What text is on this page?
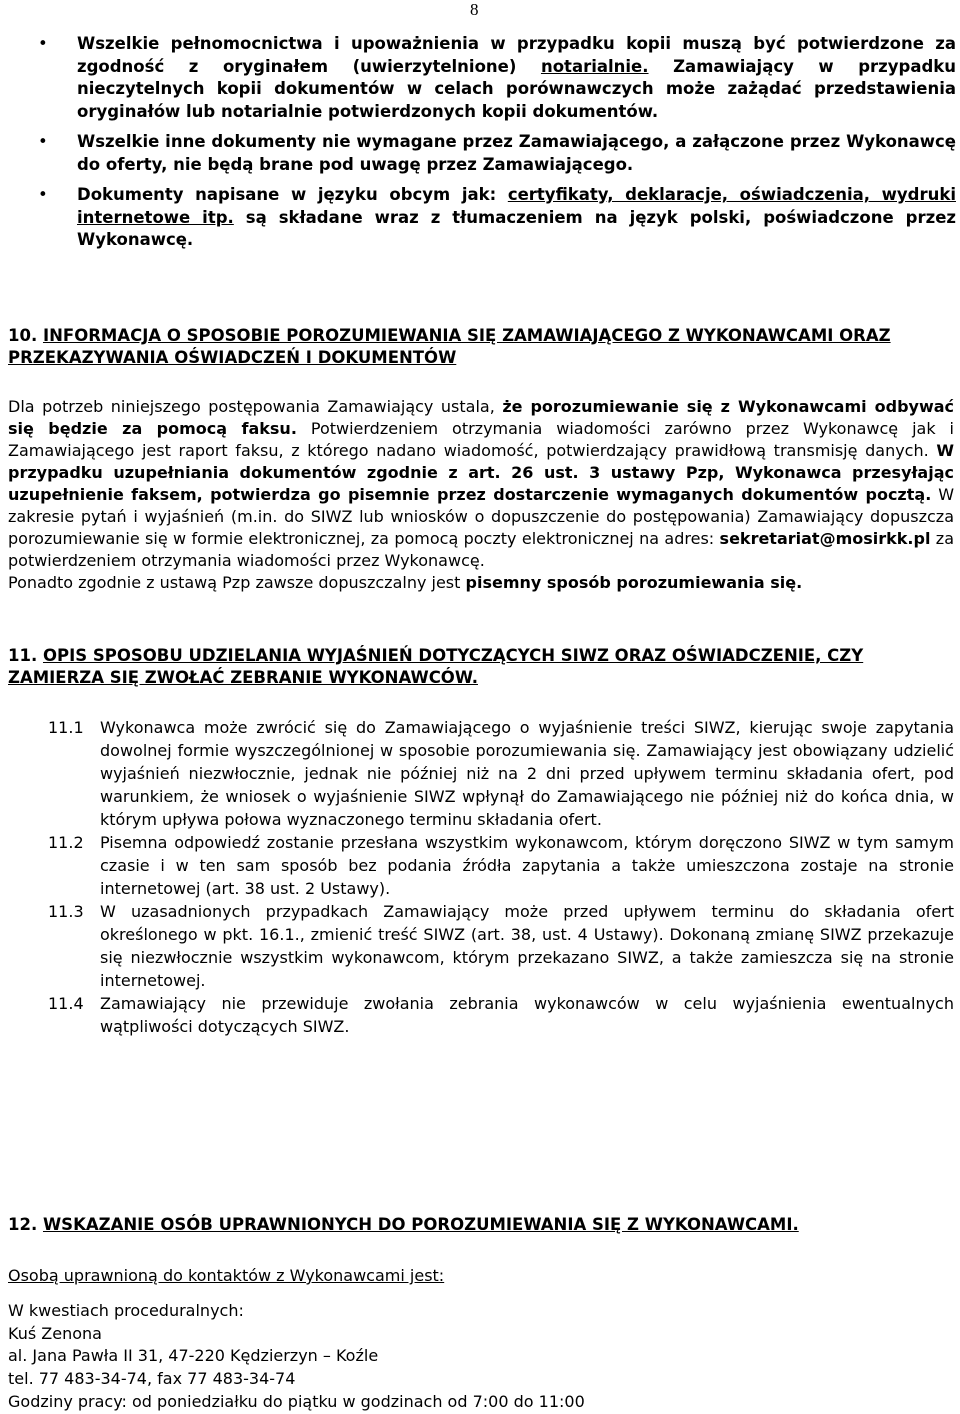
8
• Wszelkie pełnomocnictwa i upoważnienia w przypadku kopii muszą być potwierdzone za zgodność z oryginałem (uwierzytelnione) notarialnie. Zamawiający w przypadku nieczytelnych kopii dokumentów w celach porównawczych może zażądać przedstawienia oryginałów lub notarialnie potwierdzonych kopii dokumentów.
• Wszelkie inne dokumenty nie wymagane przez Zamawiającego, a załączone przez Wykonawcę do oferty, nie będą brane pod uwagę przez Zamawiającego.
• Dokumenty napisane w języku obcym jak: certyfikaty, deklaracje, oświadczenia, wydruki internetowe itp. są składane wraz z tłumaczeniem na język polski, poświadczone przez Wykonawcę.
10. INFORMACJA O SPOSOBIE POROZUMIEWANIA SIĘ ZAMAWIAJĄCEGO Z WYKONAWCAMI ORAZ
PRZEKAZYWANIA OŚWIADCZEŃ I DOKUMENTÓW
Dla potrzeb niniejszego postępowania Zamawiający ustala, że porozumiewanie się z Wykonawcami odbywać się będzie za pomocą faksu. Potwierdzeniem otrzymania wiadomości zarówno przez Wykonawcę jak i Zamawiającego jest raport faksu, z którego nadano wiadomość, potwierdzający prawidłową transmisję danych. W przypadku uzupełniania dokumentów zgodnie z art. 26 ust. 3 ustawy Pzp, Wykonawca przesyłając uzupełnienie faksem, potwierdza go pisemnie przez dostarczenie wymaganych dokumentów pocztą. W zakresie pytań i wyjaśnień (m.in. do SIWZ lub wniosków o dopuszczenie do postępowania) Zamawiający dopuszcza porozumiewanie się w formie elektronicznej, za pomocą poczty elektronicznej na adres: sekretariat@mosirkk.pl za potwierdzeniem otrzymania wiadomości przez Wykonawcę.
Ponadto zgodnie z ustawą Pzp zawsze dopuszczalny jest pisemny sposób porozumiewania się.
11. OPIS SPOSOBU UDZIELANIA WYJAŚNIEŃ DOTYCZĄCYCH SIWZ ORAZ OŚWIADCZENIE, CZY
ZAMIERZA SIĘ ZWOŁAĆ ZEBRANIE WYKONAWCÓW.
11.1 Wykonawca może zwrócić się do Zamawiającego o wyjaśnienie treści SIWZ, kierując swoje zapytania dowolnej formie wyszczególnionej w sposobie porozumiewania się. Zamawiający jest obowiązany udzielić wyjaśnień niezwłocznie, jednak nie później niż na 2 dni przed upływem terminu składania ofert, pod warunkiem, że wniosek o wyjaśnienie SIWZ wpłynął do Zamawiającego nie później niż do końca dnia, w którym upływa połowa wyznaczonego terminu składania ofert.
11.2 Pisemna odpowiedź zostanie przesłana wszystkim wykonawcom, którym doręczono SIWZ w tym samym czasie i w ten sam sposób bez podania źródła zapytania a także umieszczona zostaje na stronie internetowej (art. 38 ust. 2 Ustawy).
11.3 W uzasadnionych przypadkach Zamawiający może przed upływem terminu do składania ofert określonego w pkt. 16.1., zmienić treść SIWZ (art. 38, ust. 4 Ustawy). Dokonaną zmianę SIWZ przekazuje się niezwłocznie wszystkim wykonawcom, którym przekazano SIWZ, a także zamieszcza się na stronie internetowej.
11.4 Zamawiający nie przewiduje zwołania zebrania wykonawców w celu wyjaśnienia ewentualnych wątpliwości dotyczących SIWZ.
12. WSKAZANIE OSÓB UPRAWNIONYCH DO POROZUMIEWANIA SIĘ Z WYKONAWCAMI.
Osobą uprawnioną do kontaktów z Wykonawcami jest:
W kwestiach proceduralnych:
Kuś Zenona
al. Jana Pawła II 31, 47-220 Kędzierzyn – Koźle
tel. 77 483-34-74, fax 77 483-34-74
Godziny pracy: od poniedziałku do piątku w godzinach od 7:00 do 11:00
